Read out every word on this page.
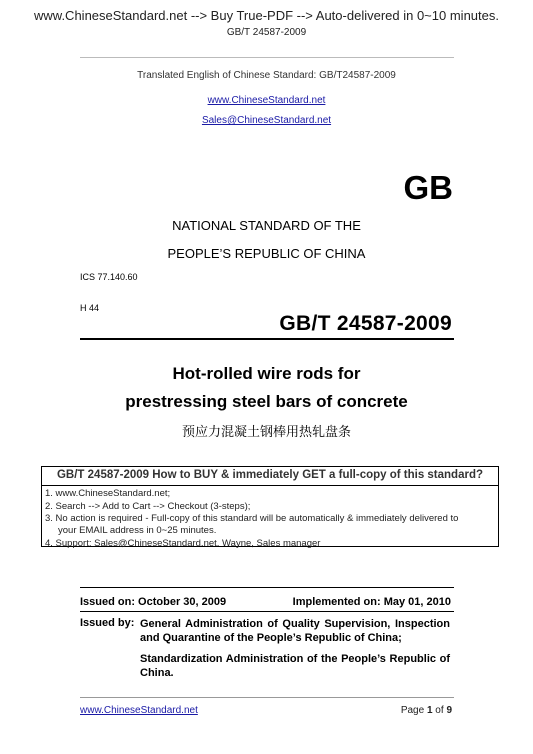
www.ChineseStandard.net --> Buy True-PDF --> Auto-delivered in 0~10 minutes.
GB/T 24587-2009
Translated English of Chinese Standard: GB/T24587-2009
www.ChineseStandard.net
Sales@ChineseStandard.net
GB
NATIONAL STANDARD OF THE
PEOPLE’S REPUBLIC OF CHINA
ICS 77.140.60
H 44
GB/T 24587-2009
Hot-rolled wire rods for
prestressing steel bars of concrete
预应力混凝土钢棒用热轧盘条
GB/T 24587-2009 How to BUY & immediately GET a full-copy of this standard?
1. www.ChineseStandard.net;
2. Search --> Add to Cart --> Checkout (3-steps);
3. No action is required - Full-copy of this standard will be automatically & immediately delivered to
your EMAIL address in 0~25 minutes.
4. Support: Sales@ChineseStandard.net. Wayne, Sales manager
Issued on: October 30, 2009	Implemented on: May 01, 2010
Issued by: General Administration of Quality Supervision, Inspection and Quarantine of the People’s Republic of China;
Standardization Administration of the People’s Republic of China.
www.ChineseStandard.net	Page 1 of 9
